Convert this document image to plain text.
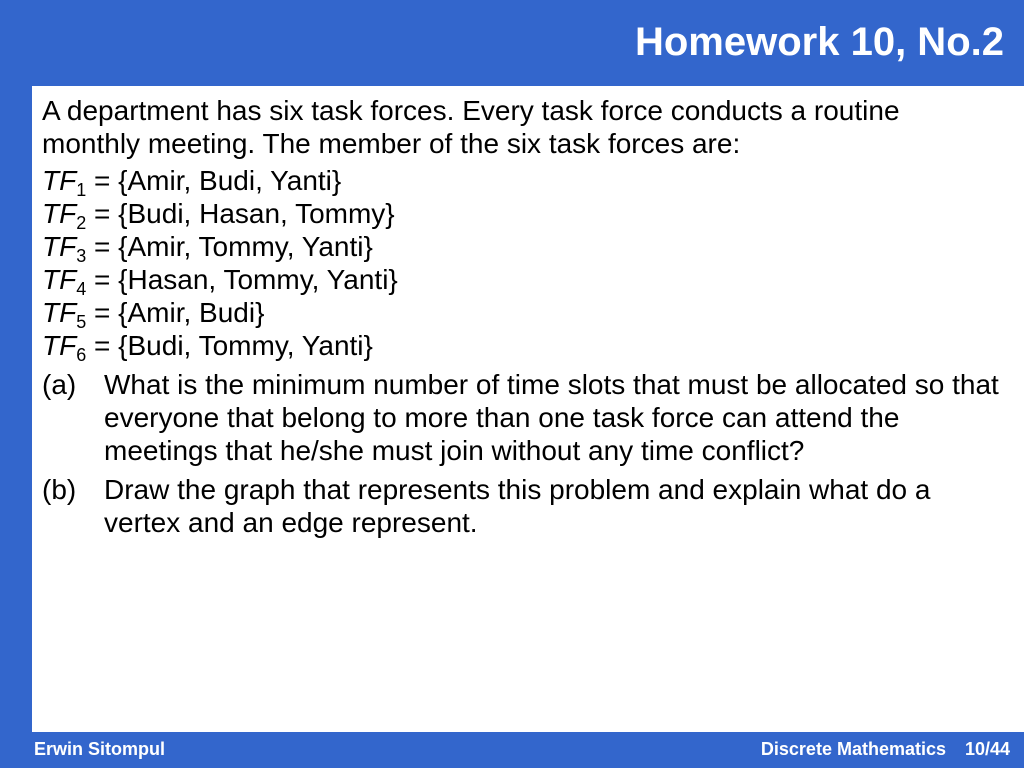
Homework 10, No.2

A department has six task forces. Every task force conducts a routine monthly meeting. The member of the six task forces are:

$TF_1$ = {Amir, Budi, Yanti}
$TF_2$ = {Budi, Hasan, Tommy}
$TF_3$ = {Amir, Tommy, Yanti}
$TF_4$ = {Hasan, Tommy, Yanti}
$TF_5$ = {Amir, Budi}
$TF_6$ = {Budi, Tommy, Yanti}
(a) What is the minimum number of time slots that must be allocated so that everyone that belong to more than one task force can attend the meetings that he/she must join without any time conflict?
(b) Draw the graph that represents this problem and explain what do a vertex and an edge represent.
Erwin Sitompul	Discrete Mathematics 10/44
